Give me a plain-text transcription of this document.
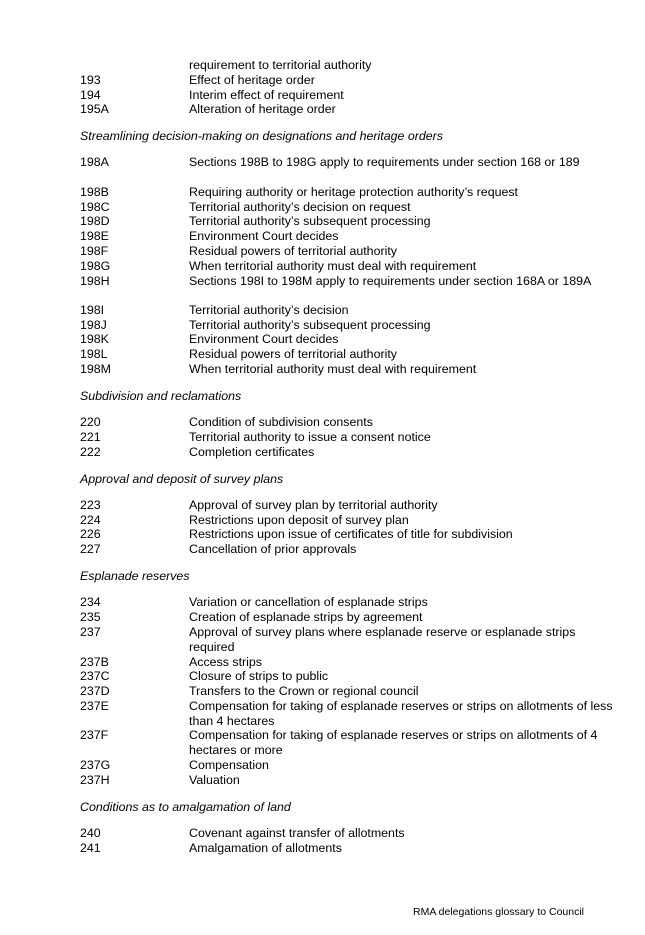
requirement to territorial authority
193	Effect of heritage order
194	Interim effect of requirement
195A	Alteration of heritage order
Streamlining decision-making on designations and heritage orders
198A	Sections 198B to 198G apply to requirements under section 168 or 189
198B	Requiring authority or heritage protection authority’s request
198C	Territorial authority’s decision on request
198D	Territorial authority’s subsequent processing
198E	Environment Court decides
198F	Residual powers of territorial authority
198G	When territorial authority must deal with requirement
198H	Sections 198I to 198M apply to requirements under section 168A or 189A
198I	Territorial authority’s decision
198J	Territorial authority’s subsequent processing
198K	Environment Court decides
198L	Residual powers of territorial authority
198M	When territorial authority must deal with requirement
Subdivision and reclamations
220	Condition of subdivision consents
221	Territorial authority to issue a consent notice
222	Completion certificates
Approval and deposit of survey plans
223	Approval of survey plan by territorial authority
224	Restrictions upon deposit of survey plan
226	Restrictions upon issue of certificates of title for subdivision
227	Cancellation of prior approvals
Esplanade reserves
234	Variation or cancellation of esplanade strips
235	Creation of esplanade strips by agreement
237	Approval of survey plans where esplanade reserve or esplanade strips required
237B	Access strips
237C	Closure of strips to public
237D	Transfers to the Crown or regional council
237E	Compensation for taking of esplanade reserves or strips on allotments of less than 4 hectares
237F	Compensation for taking of esplanade reserves or strips on allotments of 4 hectares or more
237G	Compensation
237H	Valuation
Conditions as to amalgamation of land
240	Covenant against transfer of allotments
241	Amalgamation of allotments
RMA delegations glossary to Council
